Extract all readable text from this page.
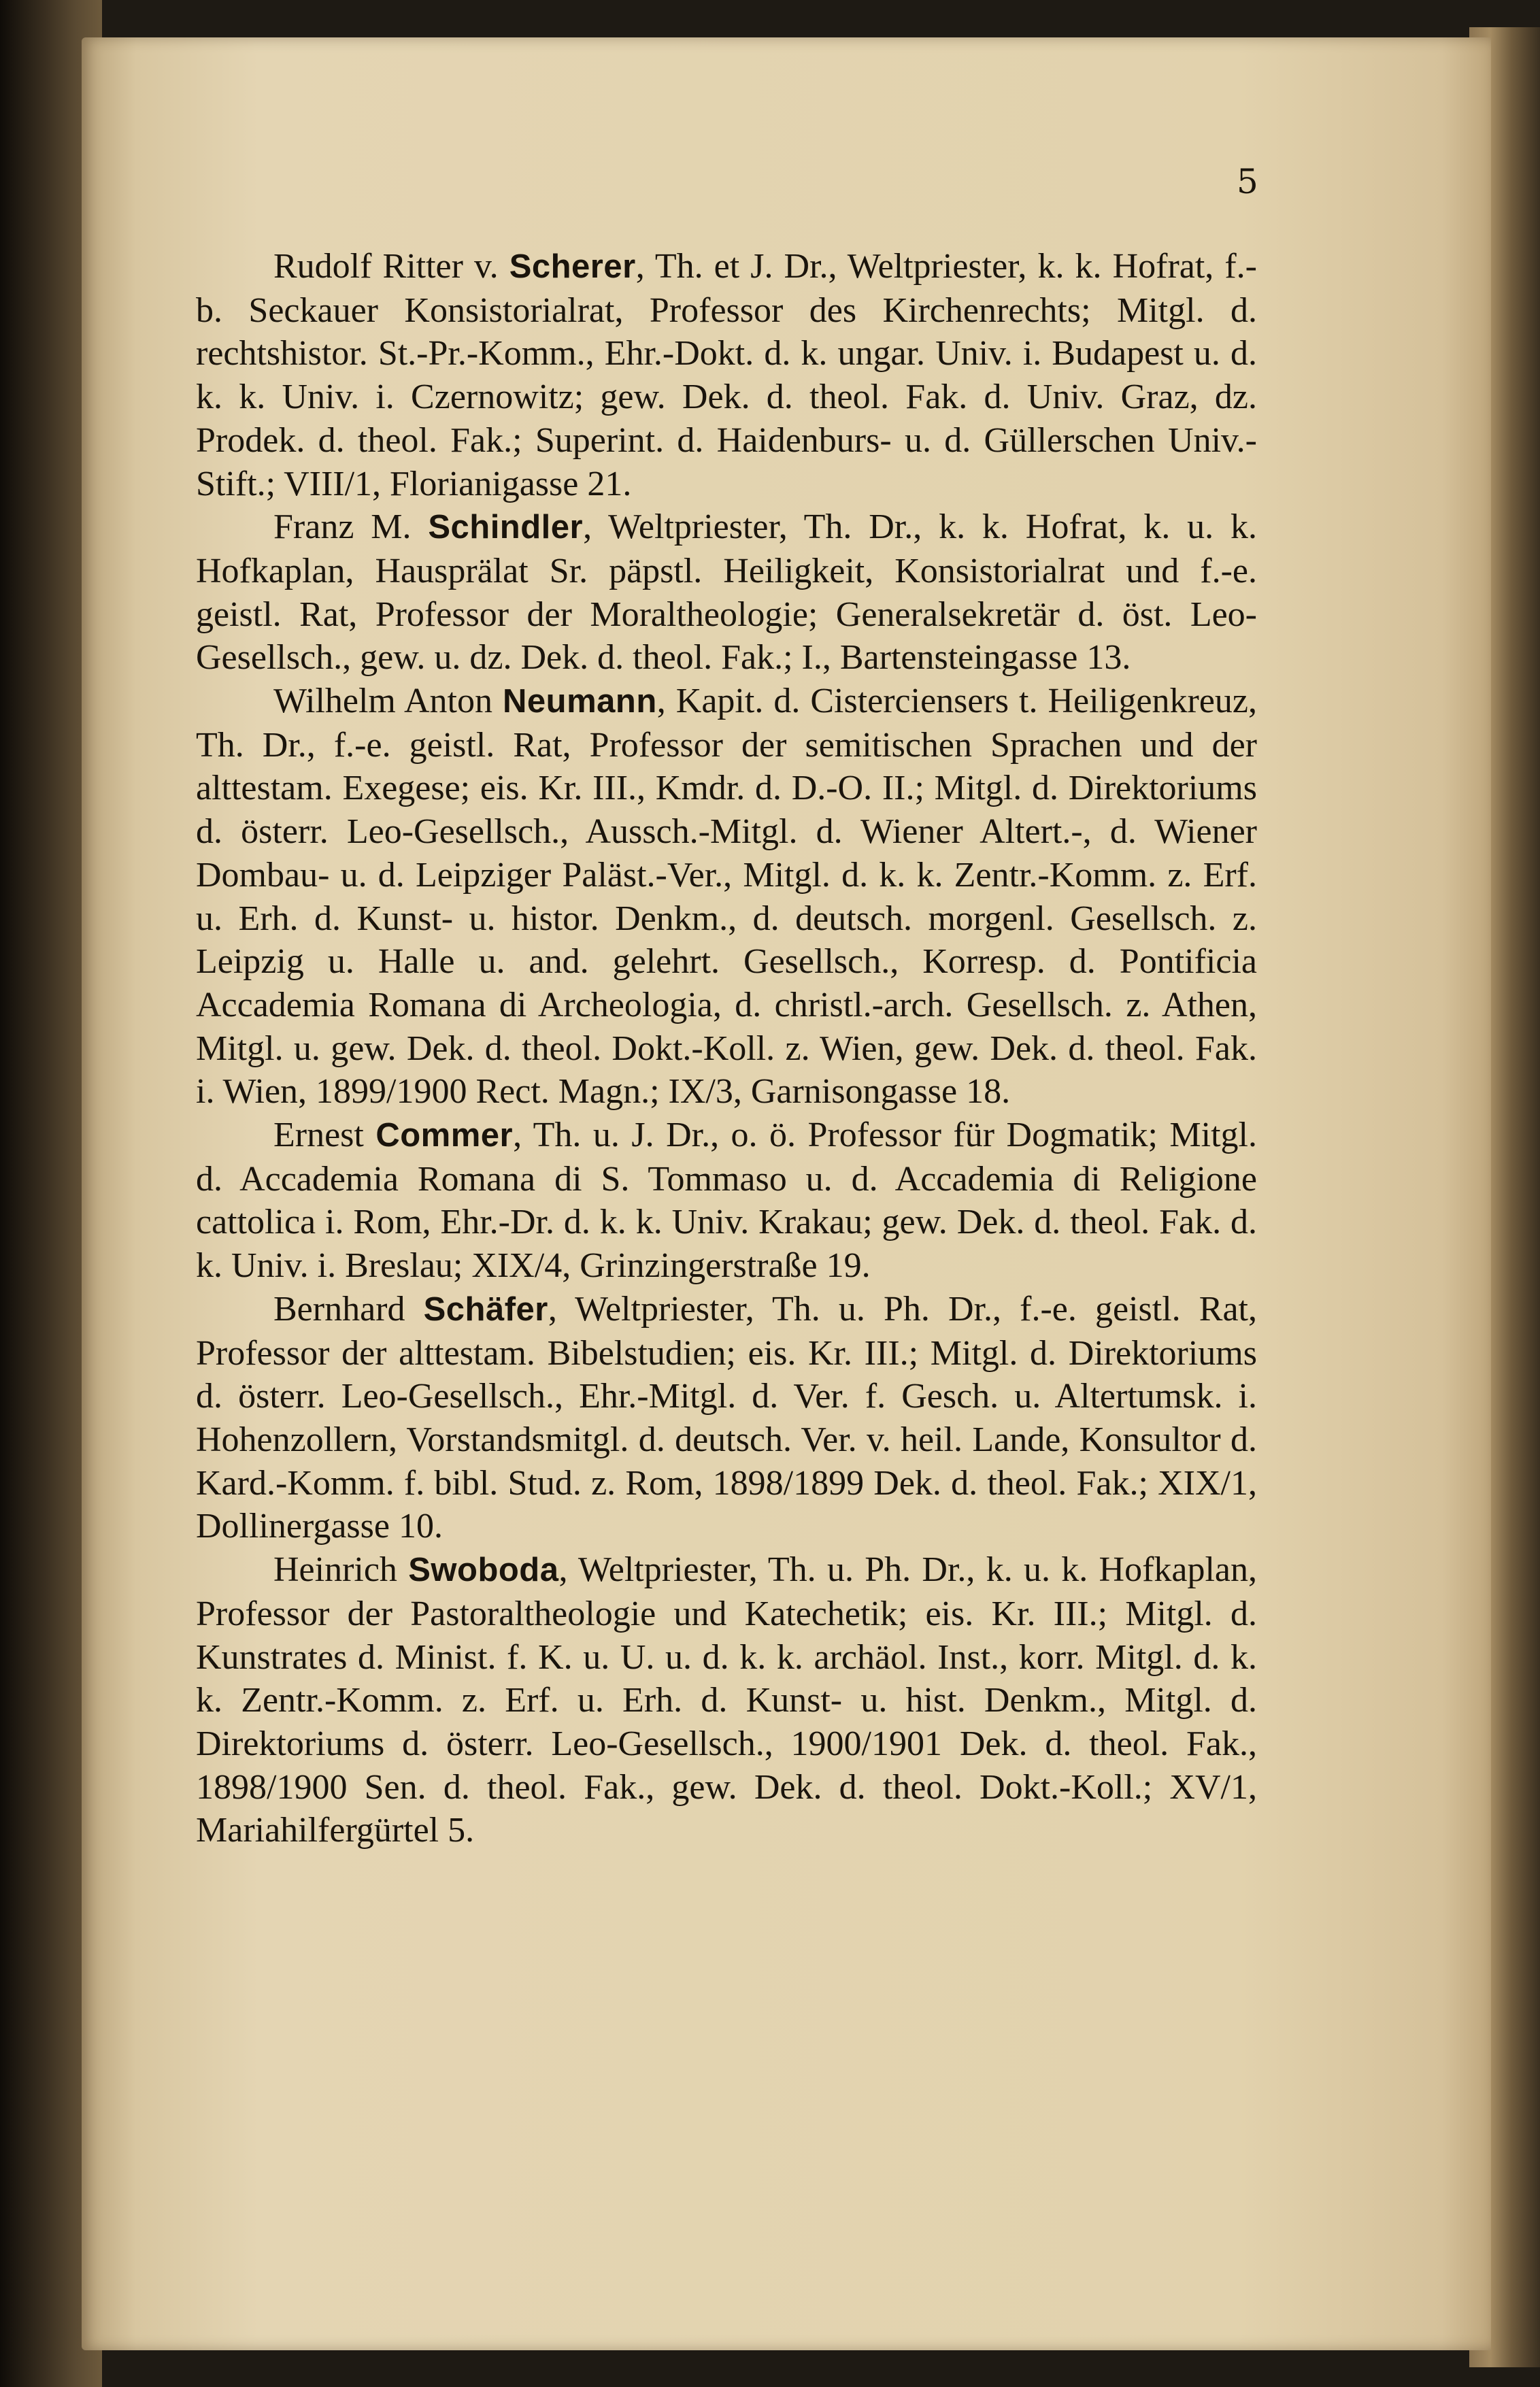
5

Rudolf Ritter v. Scherer, Th. et J. Dr., Weltpriester, k. k. Hofrat, f.-b. Seckauer Konsistorialrat, Professor des Kirchenrechts; Mitgl. d. rechtshistor. St.-Pr.-Komm., Ehr.-Dokt. d. k. ungar. Univ. i. Budapest u. d. k. k. Univ. i. Czernowitz; gew. Dek. d. theol. Fak. d. Univ. Graz, dz. Prodek. d. theol. Fak.; Superint. d. Haidenburs- u. d. Güllerschen Univ.-Stift.; VIII/1, Florianigasse 21.

Franz M. Schindler, Weltpriester, Th. Dr., k. k. Hofrat, k. u. k. Hofkaplan, Hausprälat Sr. päpstl. Heiligkeit, Konsistorialrat und f.-e. geistl. Rat, Professor der Moraltheologie; Generalsekretär d. öst. Leo-Gesellsch., gew. u. dz. Dek. d. theol. Fak.; I., Bartensteingasse 13.

Wilhelm Anton Neumann, Kapit. d. Cisterciensers t. Heiligenkreuz, Th. Dr., f.-e. geistl. Rat, Professor der semitischen Sprachen und der alttestam. Exegese; eis. Kr. III., Kmdr. d. D.-O. II.; Mitgl. d. Direktoriums d. österr. Leo-Gesellsch., Aussch.-Mitgl. d. Wiener Altert.-, d. Wiener Dombau- u. d. Leipziger Paläst.-Ver., Mitgl. d. k. k. Zentr.-Komm. z. Erf. u. Erh. d. Kunst- u. histor. Denkm., d. deutsch. morgenl. Gesellsch. z. Leipzig u. Halle u. and. gelehrt. Gesellsch., Korresp. d. Pontificia Accademia Romana di Archeologia, d. christl.-arch. Gesellsch. z. Athen, Mitgl. u. gew. Dek. d. theol. Dokt.-Koll. z. Wien, gew. Dek. d. theol. Fak. i. Wien, 1899/1900 Rect. Magn.; IX/3, Garnisongasse 18.

Ernest Commer, Th. u. J. Dr., o. ö. Professor für Dogmatik; Mitgl. d. Accademia Romana di S. Tommaso u. d. Accademia di Religione cattolica i. Rom, Ehr.-Dr. d. k. k. Univ. Krakau; gew. Dek. d. theol. Fak. d. k. Univ. i. Breslau; XIX/4, Grinzingerstraße 19.

Bernhard Schäfer, Weltpriester, Th. u. Ph. Dr., f.-e. geistl. Rat, Professor der alttestam. Bibelstudien; eis. Kr. III.; Mitgl. d. Direktoriums d. österr. Leo-Gesellsch., Ehr.-Mitgl. d. Ver. f. Gesch. u. Altertumsk. i. Hohenzollern, Vorstandsmitgl. d. deutsch. Ver. v. heil. Lande, Konsultor d. Kard.-Komm. f. bibl. Stud. z. Rom, 1898/1899 Dek. d. theol. Fak.; XIX/1, Dollinergasse 10.

Heinrich Swoboda, Weltpriester, Th. u. Ph. Dr., k. u. k. Hofkaplan, Professor der Pastoraltheologie und Katechetik; eis. Kr. III.; Mitgl. d. Kunstrates d. Minist. f. K. u. U. u. d. k. k. archäol. Inst., korr. Mitgl. d. k. k. Zentr.-Komm. z. Erf. u. Erh. d. Kunst- u. hist. Denkm., Mitgl. d. Direktoriums d. österr. Leo-Gesellsch., 1900/1901 Dek. d. theol. Fak., 1898/1900 Sen. d. theol. Fak., gew. Dek. d. theol. Dokt.-Koll.; XV/1, Mariahilfergürtel 5.
